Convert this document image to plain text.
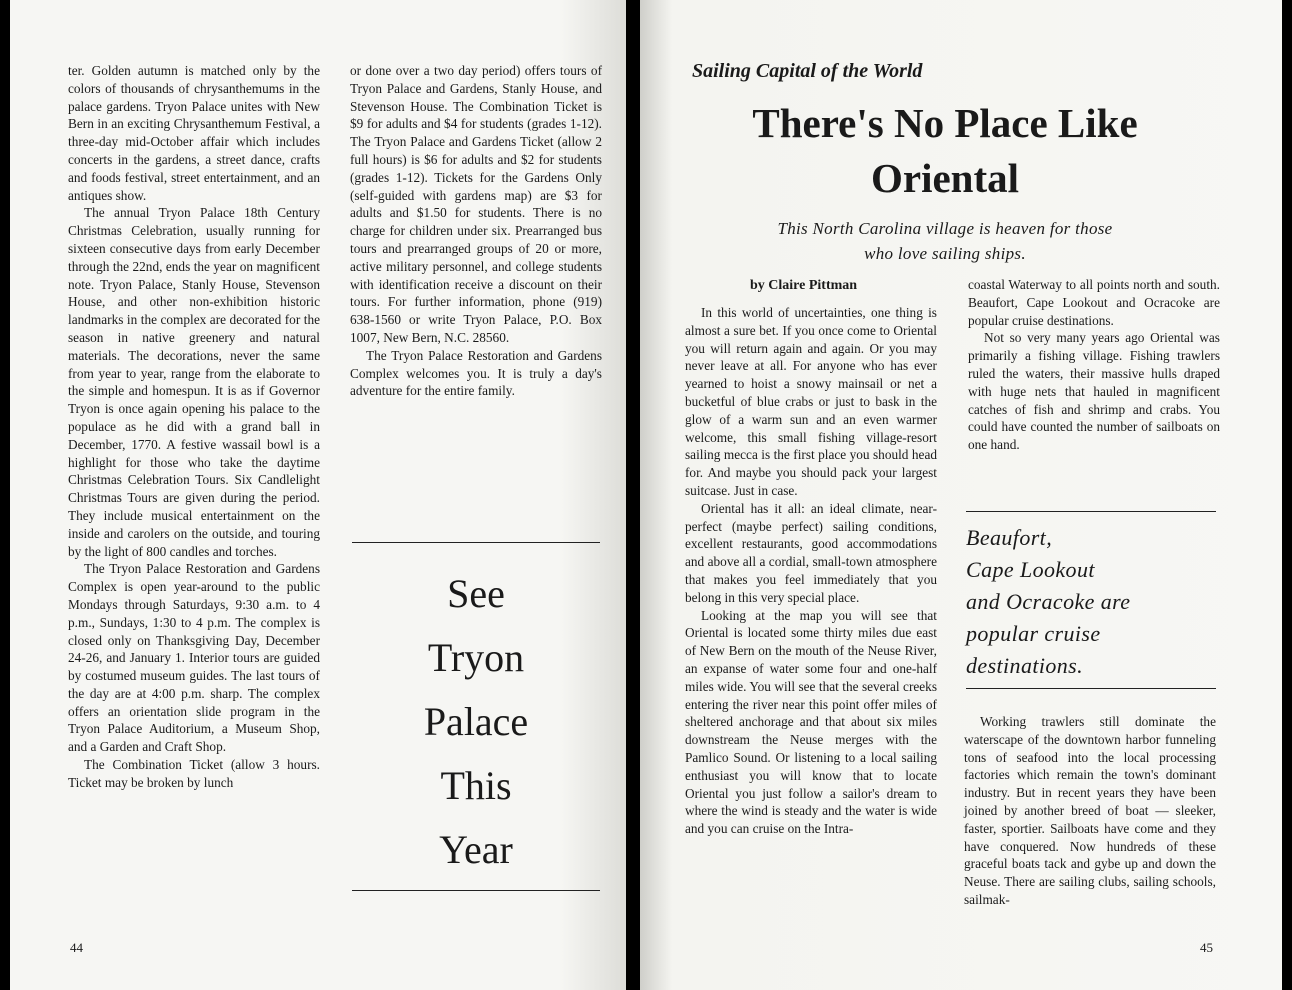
ter. Golden autumn is matched only by the colors of thousands of chrysanthemums in the palace gardens. Tryon Palace unites with New Bern in an exciting Chrysanthemum Festival, a three-day mid-October affair which includes concerts in the gardens, a street dance, crafts and foods festival, street entertainment, and an antiques show.

The annual Tryon Palace 18th Century Christmas Celebration, usually running for sixteen consecutive days from early December through the 22nd, ends the year on magnificent note. Tryon Palace, Stanly House, Stevenson House, and other non-exhibition historic landmarks in the complex are decorated for the season in native greenery and natural materials. The decorations, never the same from year to year, range from the elaborate to the simple and homespun. It is as if Governor Tryon is once again opening his palace to the populace as he did with a grand ball in December, 1770. A festive wassail bowl is a highlight for those who take the daytime Christmas Celebration Tours. Six Candlelight Christmas Tours are given during the period. They include musical entertainment on the inside and carolers on the outside, and touring by the light of 800 candles and torches.

The Tryon Palace Restoration and Gardens Complex is open year-around to the public Mondays through Saturdays, 9:30 a.m. to 4 p.m., Sundays, 1:30 to 4 p.m. The complex is closed only on Thanksgiving Day, December 24-26, and January 1. Interior tours are guided by costumed museum guides. The last tours of the day are at 4:00 p.m. sharp. The complex offers an orientation slide program in the Tryon Palace Auditorium, a Museum Shop, and a Garden and Craft Shop.

The Combination Ticket (allow 3 hours. Ticket may be broken by lunch

or done over a two day period) offers tours of Tryon Palace and Gardens, Stanly House, and Stevenson House. The Combination Ticket is $9 for adults and $4 for students (grades 1-12). The Tryon Palace and Gardens Ticket (allow 2 full hours) is $6 for adults and $2 for students (grades 1-12). Tickets for the Gardens Only (self-guided with gardens map) are $3 for adults and $1.50 for students. There is no charge for children under six. Prearranged bus tours and prearranged groups of 20 or more, active military personnel, and college students with identification receive a discount on their tours. For further information, phone (919) 638-1560 or write Tryon Palace, P.O. Box 1007, New Bern, N.C. 28560.

The Tryon Palace Restoration and Gardens Complex welcomes you. It is truly a day's adventure for the entire family.

See
Tryon
Palace
This
Year
44
Sailing Capital of the World
There's No Place Like
Oriental
This North Carolina village is heaven for those
who love sailing ships.
by Claire Pittman

In this world of uncertainties, one thing is almost a sure bet. If you once come to Oriental you will return again and again. Or you may never leave at all. For anyone who has ever yearned to hoist a snowy mainsail or net a bucketful of blue crabs or just to bask in the glow of a warm sun and an even warmer welcome, this small fishing village-resort sailing mecca is the first place you should head for. And maybe you should pack your largest suitcase. Just in case.

Oriental has it all: an ideal climate, near-perfect (maybe perfect) sailing conditions, excellent restaurants, good accommodations and above all a cordial, small-town atmosphere that makes you feel immediately that you belong in this very special place.

Looking at the map you will see that Oriental is located some thirty miles due east of New Bern on the mouth of the Neuse River, an expanse of water some four and one-half miles wide. You will see that the several creeks entering the river near this point offer miles of sheltered anchorage and that about six miles downstream the Neuse merges with the Pamlico Sound. Or listening to a local sailing enthusiast you will know that to locate Oriental you just follow a sailor's dream to where the wind is steady and the water is wide and you can cruise on the Intra-

coastal Waterway to all points north and south. Beaufort, Cape Lookout and Ocracoke are popular cruise destinations.

Not so very many years ago Oriental was primarily a fishing village. Fishing trawlers ruled the waters, their massive hulls draped with huge nets that hauled in magnificent catches of fish and shrimp and crabs. You could have counted the number of sailboats on one hand.

Beaufort,
Cape Lookout
and Ocracoke are
popular cruise
destinations.

Working trawlers still dominate the waterscape of the downtown harbor funneling tons of seafood into the local processing factories which remain the town's dominant industry. But in recent years they have been joined by another breed of boat — sleeker, faster, sportier. Sailboats have come and they have conquered. Now hundreds of these graceful boats tack and gybe up and down the Neuse. There are sailing clubs, sailing schools, sailmak-

45
